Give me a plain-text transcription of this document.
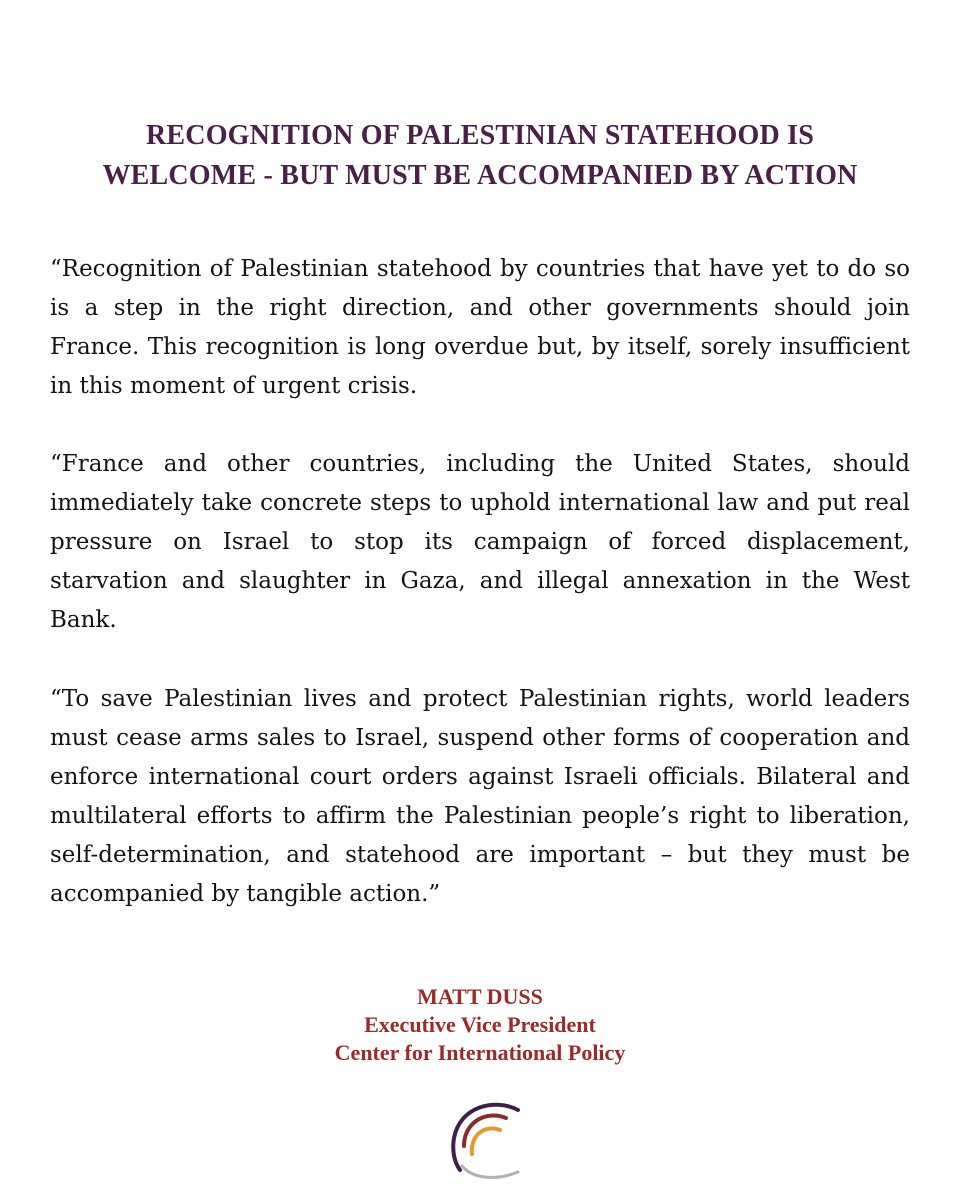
RECOGNITION OF PALESTINIAN STATEHOOD IS
WELCOME - BUT MUST BE ACCOMPANIED BY ACTION

“Recognition of Palestinian statehood by countries that have yet to do so is a step in the right direction, and other governments should join France. This recognition is long overdue but, by itself, sorely insufficient in this moment of urgent crisis.

“France and other countries, including the United States, should immediately take concrete steps to uphold international law and put real pressure on Israel to stop its campaign of forced displacement, starvation and slaughter in Gaza, and illegal annexation in the West Bank.

“To save Palestinian lives and protect Palestinian rights, world leaders must cease arms sales to Israel, suspend other forms of cooperation and enforce international court orders against Israeli officials. Bilateral and multilateral efforts to affirm the Palestinian people’s right to liberation, self-determination, and statehood are important – but they must be accompanied by tangible action.”

MATT DUSS
Executive Vice President
Center for International Policy
